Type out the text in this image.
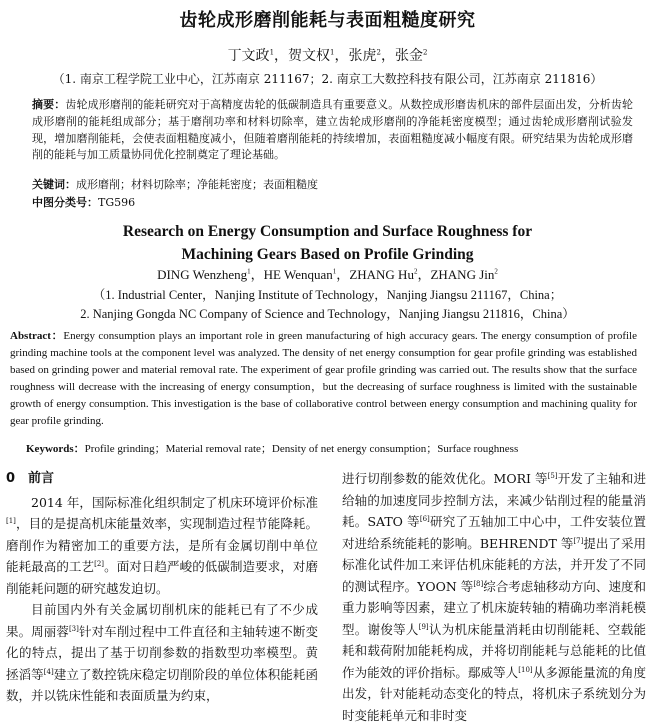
齿轮成形磨削能耗与表面粗糙度研究
丁文政$^1$，贺文权$^1$，张虎$^2$，张金$^2$
（1. 南京工程学院工业中心，江苏南京 211167；2. 南京工大数控科技有限公司，江苏南京 211816）
摘要：齿轮成形磨削的能耗研究对于高精度齿轮的低碳制造具有重要意义。从数控成形磨齿机床的部件层面出发，分析齿轮成形磨削的能耗组成部分；基于磨削功率和材料切除率，建立齿轮成形磨削的净能耗密度模型；通过齿轮成形磨削试验发现，增加磨削能耗，会使表面粗糙度减小，但随着磨削能耗的持续增加，表面粗糙度减小幅度有限。研究结果为齿轮成形磨削的能耗与加工质量协同优化控制奠定了理论基础。
关键词：成形磨削；材料切除率；净能耗密度；表面粗糙度
中图分类号：TG596
Research on Energy Consumption and Surface Roughness for
Machining Gears Based on Profile Grinding
DING Wenzheng$^1$，HE Wenquan$^1$，ZHANG Hu$^2$，ZHANG Jin$^2$
（1. Industrial Center，Nanjing Institute of Technology，Nanjing Jiangsu 211167，China；
2. Nanjing Gongda NC Company of Science and Technology，Nanjing Jiangsu 211816，China）
Abstract：Energy consumption plays an important role in green manufacturing of high accuracy gears. The energy consumption of profile grinding machine tools at the component level was analyzed. The density of net energy consumption for gear profile grinding was established based on grinding power and material removal rate. The experiment of gear profile grinding was carried out. The results show that the surface roughness will decrease with the increasing of energy consumption，but the decreasing of surface roughness is limited with the sustainable growth of energy consumption. This investigation is the base of collaborative control between energy consumption and machining quality for gear profile grinding.
Keywords：Profile grinding；Material removal rate；Density of net energy consumption；Surface roughness
0　前言

2014 年，国际标准化组织制定了机床环境评价标准[1]，目的是提高机床能量效率，实现制造过程节能降耗。磨削作为精密加工的重要方法，是所有金属切削中单位能耗最高的工艺[2]。面对日趋严峻的低碳制造要求，对磨削能耗问题的研究越发迫切。

目前国内外有关金属切削机床的能耗已有了不少成果。周丽蓉[3]针对车削过程中工件直径和主轴转速不断变化的特点，提出了基于切削参数的指数型功率模型。黄拯滔等[4]建立了数控铣床稳定切削阶段的单位体积能耗函数，并以铣床性能和表面质量为约束，

进行切削参数的能效优化。MORI 等[5]开发了主轴和进给轴的加速度同步控制方法，来减少钻削过程的能量消耗。SATO 等[6]研究了五轴加工中心中，工件安装位置对进给系统能耗的影响。BEHRENDT 等[7]提出了采用标准化试件加工来评估机床能耗的方法，并开发了不同的测试程序。YOON 等[8]综合考虑轴移动方向、速度和重力影响等因素，建立了机床旋转轴的精确功率消耗模型。谢俊等人[9]认为机床能量消耗由切削能耗、空载能耗和载荷附加能耗构成，并将切削能耗与总能耗的比值作为能效的评价指标。鄢威等人[10]从多源能量流的角度出发，针对能耗动态变化的特点，将机床子系统划分为时变能耗单元和非时变
